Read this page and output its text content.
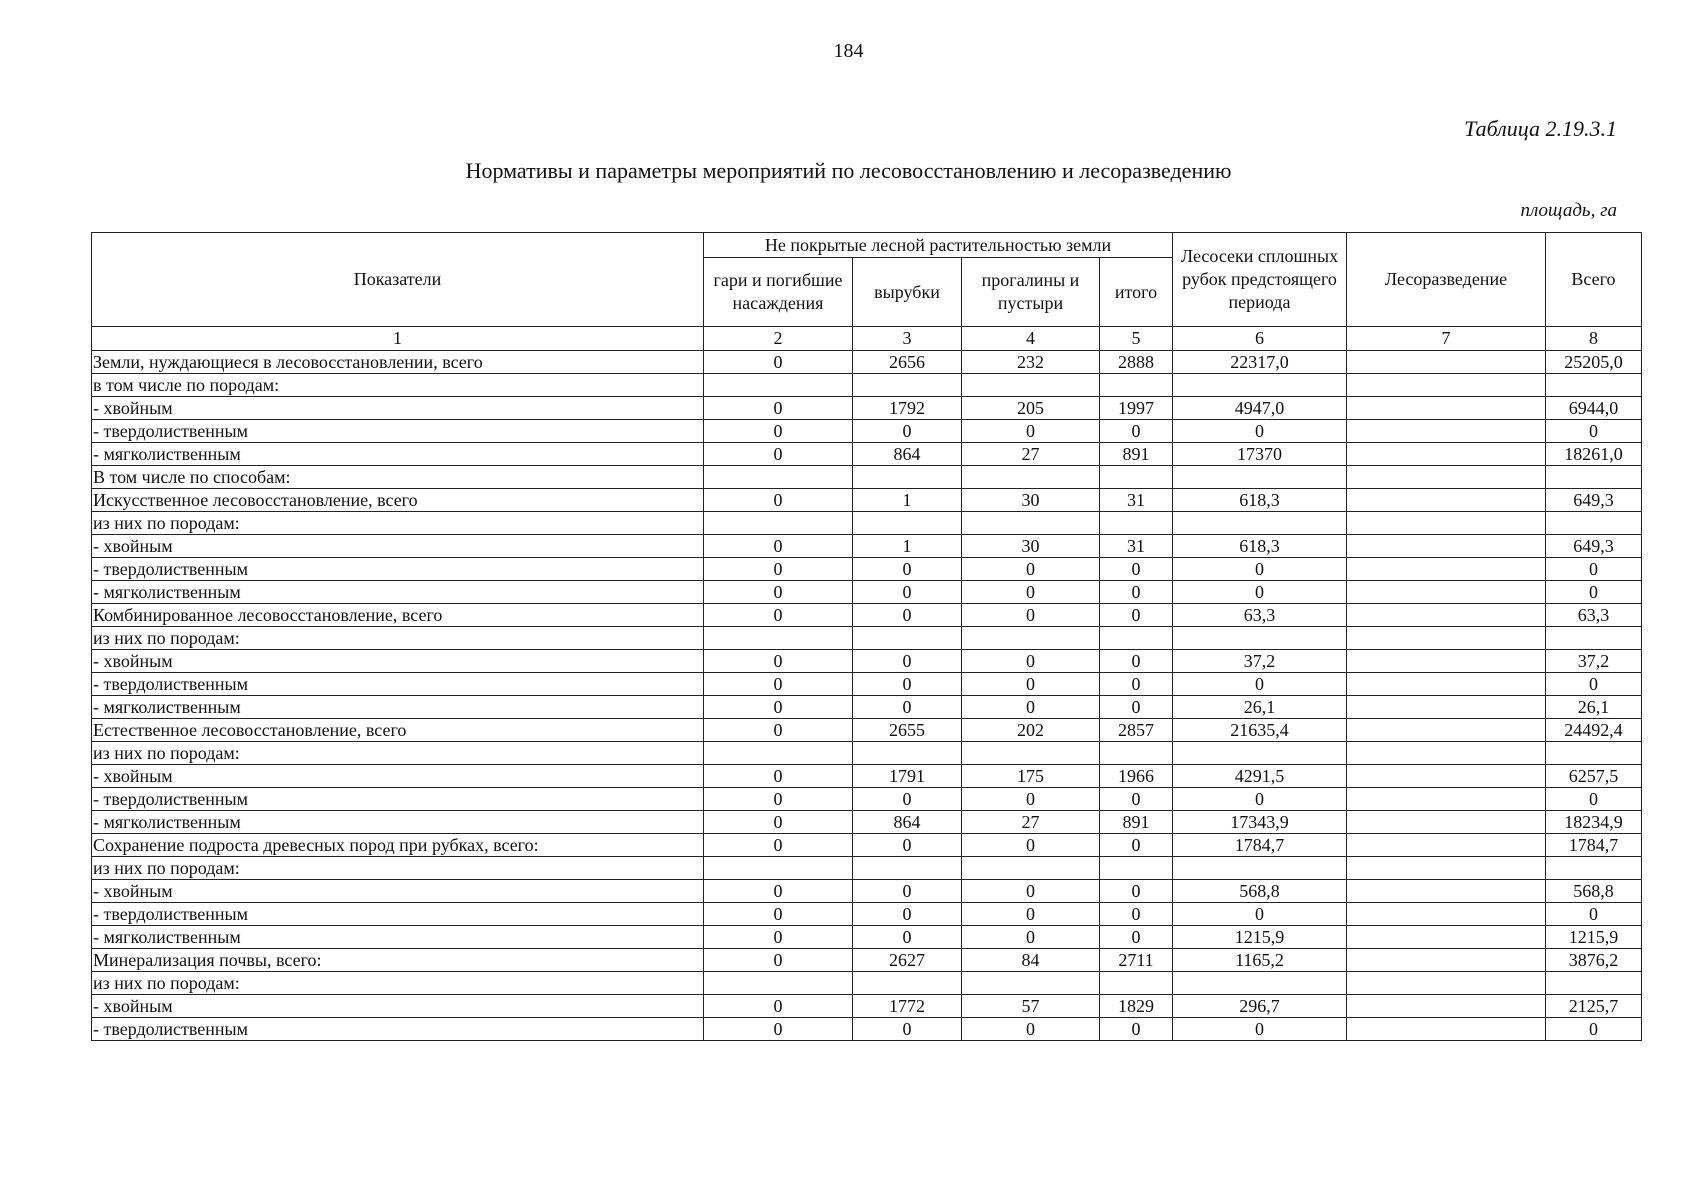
184
Таблица 2.19.3.1
Нормативы и параметры мероприятий по лесовосстановлению и лесоразведению
площадь, га
Показатели	Не покрытые лесной растительностью земли				Лесосеки сплошных рубок предстоящего периода	Лесоразведение	Всего
	гари и погибшие насаждения	вырубки	прогалины и пустыри	итого			
1	2	3	4	5	6	7	8
Земли, нуждающиеся в лесовосстановлении, всего	0	2656	232	2888	22317,0		25205,0
в том числе по породам:							
- хвойным	0	1792	205	1997	4947,0		6944,0
- твердолиственным	0	0	0	0	0		0
- мягколиственным	0	864	27	891	17370		18261,0
В том числе по способам:							
Искусственное лесовосстановление, всего	0	1	30	31	618,3		649,3
из них по породам:							
- хвойным	0	1	30	31	618,3		649,3
- твердолиственным	0	0	0	0	0		0
- мягколиственным	0	0	0	0	0		0
Комбинированное лесовосстановление, всего	0	0	0	0	63,3		63,3
из них по породам:							
- хвойным	0	0	0	0	37,2		37,2
- твердолиственным	0	0	0	0	0		0
- мягколиственным	0	0	0	0	26,1		26,1
Естественное лесовосстановление, всего	0	2655	202	2857	21635,4		24492,4
из них по породам:							
- хвойным	0	1791	175	1966	4291,5		6257,5
- твердолиственным	0	0	0	0	0		0
- мягколиственным	0	864	27	891	17343,9		18234,9
Сохранение подроста древесных пород при рубках, всего:	0	0	0	0	1784,7		1784,7
из них по породам:							
- хвойным	0	0	0	0	568,8		568,8
- твердолиственным	0	0	0	0	0		0
- мягколиственным	0	0	0	0	1215,9		1215,9
Минерализация почвы, всего:	0	2627	84	2711	1165,2		3876,2
из них по породам:							
- хвойным	0	1772	57	1829	296,7		2125,7
- твердолиственным	0	0	0	0	0		0
